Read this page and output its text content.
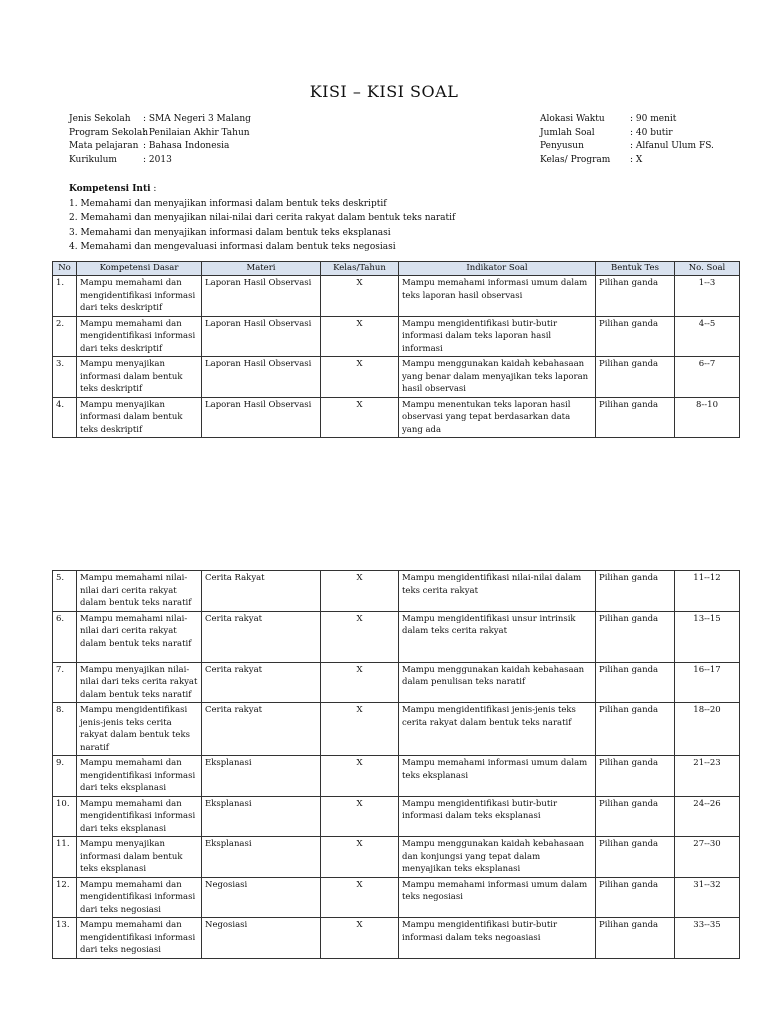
KISI – KISI SOAL
Jenis Sekolah	: SMA Negeri 3 Malang
Program Sekolah
: Penilaian Akhir Tahun
Mata pelajaran : Bahasa Indonesia
Kurikulum	: 2013
Alokasi Waktu	: 90 menit
Jumlah Soal	: 40 butir
Penyusun	: Alfanul Ulum FS.
Kelas/ Program	: X
Kompetensi Inti :
1. Memahami dan menyajikan informasi dalam bentuk teks deskriptif
2. Memahami dan menyajikan nilai-nilai dari cerita rakyat dalam bentuk teks naratif
3. Memahami dan menyajikan informasi dalam bentuk teks eksplanasi
4. Memahami dan mengevaluasi informasi dalam bentuk teks negosiasi
No	Kompetensi Dasar	Materi	Kelas/Tahun	Indikator Soal	Bentuk Tes	No. Soal
1.	Mampu memahami dan mengidentifikasi informasi dari teks deskriptif	Laporan Hasil Observasi	X	Mampu memahami informasi umum dalam teks laporan hasil observasi	Pilihan ganda	1--3
2.	Mampu memahami dan mengidentifikasi informasi dari teks deskriptif	Laporan Hasil Observasi	X	Mampu mengidentifikasi butir-butir informasi dalam teks laporan hasil informasi	Pilihan ganda	4--5
3.	Mampu menyajikan informasi dalam bentuk teks deskriptif	Laporan Hasil Observasi	X	Mampu menggunakan kaidah kebahasaan yang benar dalam menyajikan teks laporan hasil observasi	Pilihan ganda	6--7
4.	Mampu menyajikan informasi dalam bentuk teks deskriptif	Laporan Hasil Observasi	X	Mampu menentukan teks laporan hasil observasi yang tepat berdasarkan data yang ada	Pilihan ganda	8--10
5.	Mampu memahami nilai-nilai dari cerita rakyat dalam bentuk teks naratif	Cerita Rakyat	X	Mampu mengidentifikasi nilai-nilai dalam teks cerita rakyat	Pilihan ganda	11--12
6.	Mampu memahami nilai-nilai dari cerita rakyat dalam bentuk teks naratif	Cerita rakyat	X	Mampu mengidentifikasi unsur intrinsik dalam teks cerita rakyat	Pilihan ganda	13--15
7.	Mampu menyajikan nilai-nilai dari teks cerita rakyat dalam bentuk teks naratif	Cerita rakyat	X	Mampu menggunakan kaidah kebahasaan dalam penulisan teks naratif	Pilihan ganda	16--17
8.	Mampu mengidentifikasi jenis-jenis teks cerita rakyat dalam bentuk teks naratif	Cerita rakyat	X	Mampu mengidentifikasi jenis-jenis teks cerita rakyat dalam bentuk teks naratif	Pilihan ganda	18--20
9.	Mampu memahami dan mengidentifikasi informasi dari teks eksplanasi	Eksplanasi	X	Mampu memahami informasi umum dalam teks eksplanasi	Pilihan ganda	21--23
10.	Mampu memahami dan mengidentifikasi informasi dari teks eksplanasi	Eksplanasi	X	Mampu mengidentifikasi butir-butir informasi dalam teks eksplanasi	Pilihan ganda	24--26
11.	Mampu menyajikan informasi dalam bentuk teks eksplanasi	Eksplanasi	X	Mampu menggunakan kaidah kebahasaan dan konjungsi yang tepat dalam menyajikan teks eksplanasi	Pilihan ganda	27--30
12.	Mampu memahami dan mengidentifikasi informasi dari teks negosiasi	Negosiasi	X	Mampu memahami informasi umum dalam teks negosiasi	Pilihan ganda	31--32
13.	Mampu memahami dan mengidentifikasi informasi dari teks negosiasi	Negosiasi	X	Mampu mengidentifikasi butir-butir informasi dalam teks negoasiasi	Pilihan ganda	33--35
